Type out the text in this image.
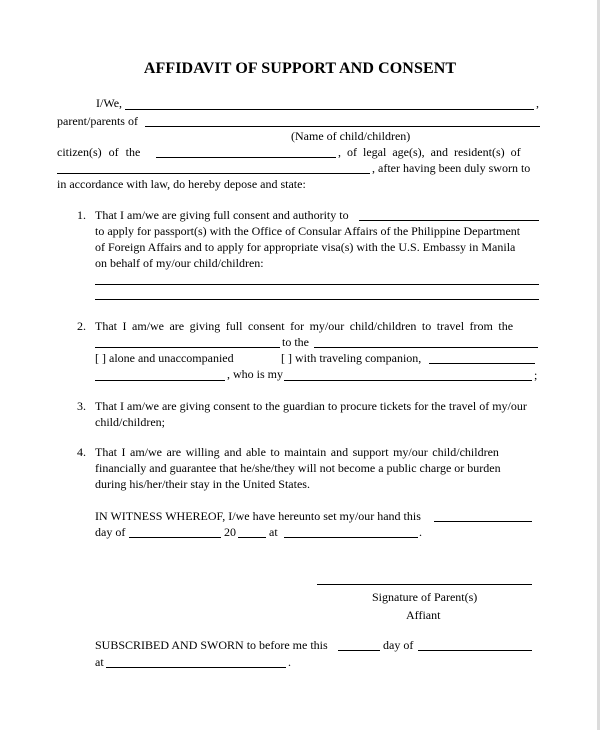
AFFIDAVIT OF SUPPORT AND CONSENT
I/We,	,
parent/parents of
(Name of child/children)
citizen(s) of the	, of legal age(s), and resident(s) of
, after having been duly sworn to
in accordance with law, do hereby depose and state:
1. That I am/we are giving full consent and authority to
to apply for passport(s) with the Office of Consular Affairs of the Philippine Department
of Foreign Affairs and to apply for appropriate visa(s) with the U.S. Embassy in Manila
on behalf of my/our child/children:
2. That I am/we are giving full consent for my/our child/children to travel from the
to the
[ ] alone and unaccompanied	[ ] with traveling companion,
, who is my	;
3. That I am/we are giving consent to the guardian to procure tickets for the travel of my/our
child/children;
4. That I am/we are willing and able to maintain and support my/our child/children
financially and guarantee that he/she/they will not become a public charge or burden
during his/her/their stay in the United States.
IN WITNESS WHEREOF, I/we have hereunto set my/our hand this
day of	20	at	.
Signature of Parent(s)
Affiant
SUBSCRIBED AND SWORN to before me this	day of
at	.
